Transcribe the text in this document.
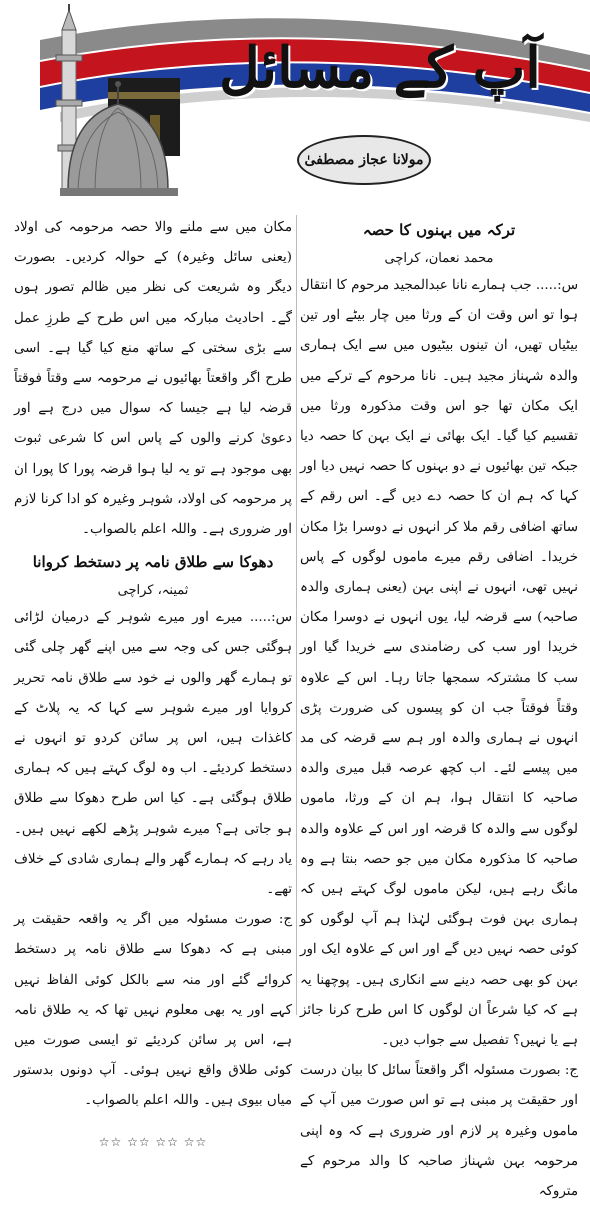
آپ کے مسائل
مولانا عجاز مصطفیٰ
ترکہ میں بہنوں کا حصہ
محمد نعمان، کراچی

س:..... جب ہمارے نانا عبدالمجید مرحوم کا انتقال ہوا تو اس وقت ان کے ورثا میں چار بیٹے اور تین بیٹیاں تھیں، ان تینوں بیٹیوں میں سے ایک ہماری والدہ شہناز مجید ہیں۔ نانا مرحوم کے ترکے میں ایک مکان تھا جو اس وقت مذکورہ ورثا میں تقسیم کیا گیا۔ ایک بھائی نے ایک بہن کا حصہ دیا جبکہ تین بھائیوں نے دو بہنوں کا حصہ نہیں دیا اور کہا کہ ہم ان کا حصہ دے دیں گے۔ اس رقم کے ساتھ اضافی رقم ملا کر انہوں نے دوسرا بڑا مکان خریدا۔ اضافی رقم میرے ماموں لوگوں کے پاس نہیں تھی، انہوں نے اپنی بہن (یعنی ہماری والدہ صاحبہ) سے قرضہ لیا، یوں انہوں نے دوسرا مکان خریدا اور سب کی رضامندی سے خریدا گیا اور سب کا مشترکہ سمجھا جاتا رہا۔ اس کے علاوہ وقتاً فوقتاً جب ان کو پیسوں کی ضرورت پڑی انہوں نے ہماری والدہ اور ہم سے قرضہ کی مد میں پیسے لئے۔ اب کچھ عرصہ قبل میری والدہ صاحبہ کا انتقال ہوا، ہم ان کے ورثا، ماموں لوگوں سے والدہ کا قرضہ اور اس کے علاوہ والدہ صاحبہ کا مذکورہ مکان میں جو حصہ بنتا ہے وہ مانگ رہے ہیں، لیکن ماموں لوگ کہتے ہیں کہ ہماری بہن فوت ہوگئی لہٰذا ہم آپ لوگوں کو کوئی حصہ نہیں دیں گے اور اس کے علاوہ ایک اور بہن کو بھی حصہ دینے سے انکاری ہیں۔ پوچھنا یہ ہے کہ کیا شرعاً ان لوگوں کا اس طرح کرنا جائز ہے یا نہیں؟ تفصیل سے جواب دیں۔

ج: بصورت مسئولہ اگر واقعتاً سائل کا بیان درست اور حقیقت پر مبنی ہے تو اس صورت میں آپ کے ماموں وغیرہ پر لازم اور ضروری ہے کہ وہ اپنی مرحومہ بہن شہناز صاحبہ کا والد مرحوم کے متروکہ

مکان میں سے ملنے والا حصہ مرحومہ کی اولاد (یعنی سائل وغیرہ) کے حوالہ کردیں۔ بصورت دیگر وہ شریعت کی نظر میں ظالم تصور ہوں گے۔ احادیث مبارکہ میں اس طرح کے طرزِ عمل سے بڑی سختی کے ساتھ منع کیا گیا ہے۔ اسی طرح اگر واقعتاً بھائیوں نے مرحومہ سے وقتاً فوقتاً قرضہ لیا ہے جیسا کہ سوال میں درج ہے اور دعویٰ کرنے والوں کے پاس اس کا شرعی ثبوت بھی موجود ہے تو یہ لیا ہوا قرضہ پورا کا پورا ان پر مرحومہ کی اولاد، شوہر وغیرہ کو ادا کرنا لازم اور ضروری ہے۔ واللہ اعلم بالصواب۔

دھوکا سے طلاق نامہ پر دستخط کروانا
ثمینہ، کراچی

س:..... میرے اور میرے شوہر کے درمیان لڑائی ہوگئی جس کی وجہ سے میں اپنے گھر چلی گئی تو ہمارے گھر والوں نے خود سے طلاق نامہ تحریر کروایا اور میرے شوہر سے کہا کہ یہ پلاٹ کے کاغذات ہیں، اس پر سائن کردو تو انہوں نے دستخط کردیئے۔ اب وہ لوگ کہتے ہیں کہ ہماری طلاق ہوگئی ہے۔ کیا اس طرح دھوکا سے طلاق ہو جاتی ہے؟ میرے شوہر پڑھے لکھے نہیں ہیں۔ یاد رہے کہ ہمارے گھر والے ہماری شادی کے خلاف تھے۔

ج: صورت مسئولہ میں اگر یہ واقعہ حقیقت پر مبنی ہے کہ دھوکا سے طلاق نامہ پر دستخط کروائے گئے اور منہ سے بالکل کوئی الفاظ نہیں کہے اور یہ بھی معلوم نہیں تھا کہ یہ طلاق نامہ ہے، اس پر سائن کردیئے تو ایسی صورت میں کوئی طلاق واقع نہیں ہوئی۔ آپ دونوں بدستور میاں بیوی ہیں۔ واللہ اعلم بالصواب۔

☆☆ ☆☆ ☆☆ ☆☆
